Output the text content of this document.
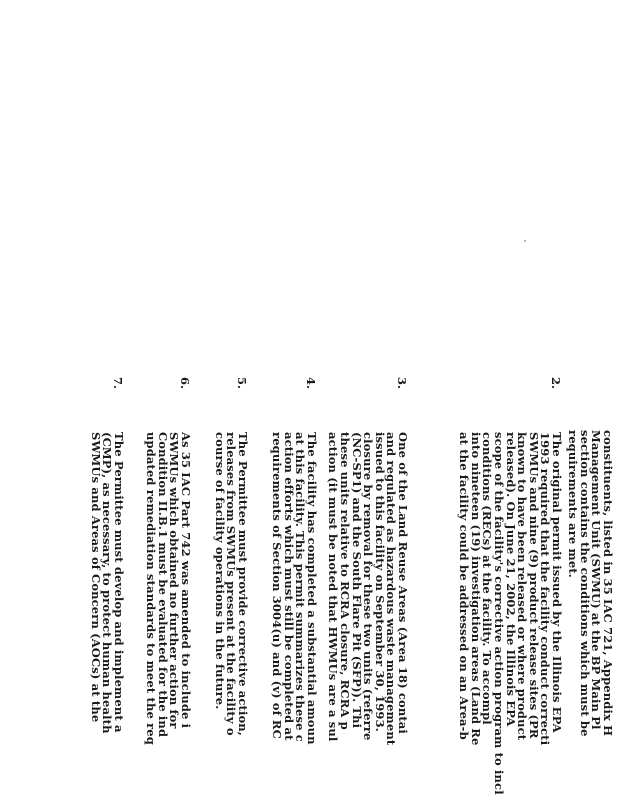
constituents, listed in 35 IAC 721, Appendix H
Management Unit (SWMU) at the BP Main Pl
section contains the conditions which must be
requirements are met.
2.
The original permit issued by the Illinois EPA
1993 required that the facility conduct correcti
SWMUs and nine (9) product release sites (PR
known to have been released or where product
released). On June 21, 2002, the Illinois EPA
scope of the facility's corrective action program to incl
conditions (RECs) at the facility. To accompl
into nineteen (19) investigation areas (Land Re
at the facility could be addressed on an Area-b
3.
One of the Land Reuse Areas (Area 18) contai
and regulated as hazardous waste management
issued to this facility on September 30, 1993.
closure by removal for these two units (referre
(NC-SP1) and the South Flare Pit (SFP)). Thi
these units relative to RCRA closure, RCRA p
action (it must be noted that HWMUs are a sul
4.
The facility has completed a substantial amoun
at this facility. This permit summarizes these c
action efforts which must still be completed at
requirements of Section 3004(u) and (v) of RC
5.
The Permittee must provide corrective action,
releases from SWMUs present at the facility o
course of facility operations in the future.
6.
As 35 IAC Part 742 was amended to include i
SWMUs which obtained no further action for
Condition II.B.1 must be evaluated for the ind
updated remediation standards to meet the req
7.
The Permittee must develop and implement a
(CMP), as necessary, to protect human health
SWMUs and Areas of Concern (AOCs) at the
